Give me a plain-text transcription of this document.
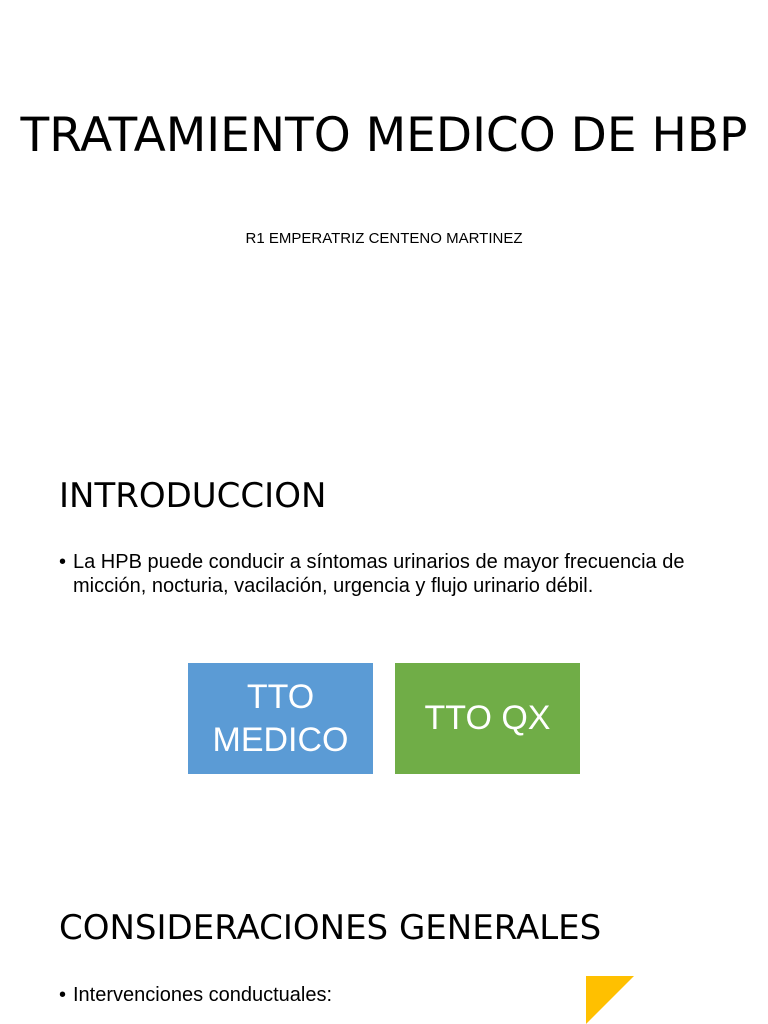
TRATAMIENTO MEDICO DE HBP
R1 EMPERATRIZ CENTENO MARTINEZ
INTRODUCCION
• La HPB puede conducir a síntomas urinarios de mayor frecuencia de micción, nocturia, vacilación, urgencia y flujo urinario débil.
TTO MEDICO
TTO QX
CONSIDERACIONES GENERALES
• Intervenciones conductuales:
